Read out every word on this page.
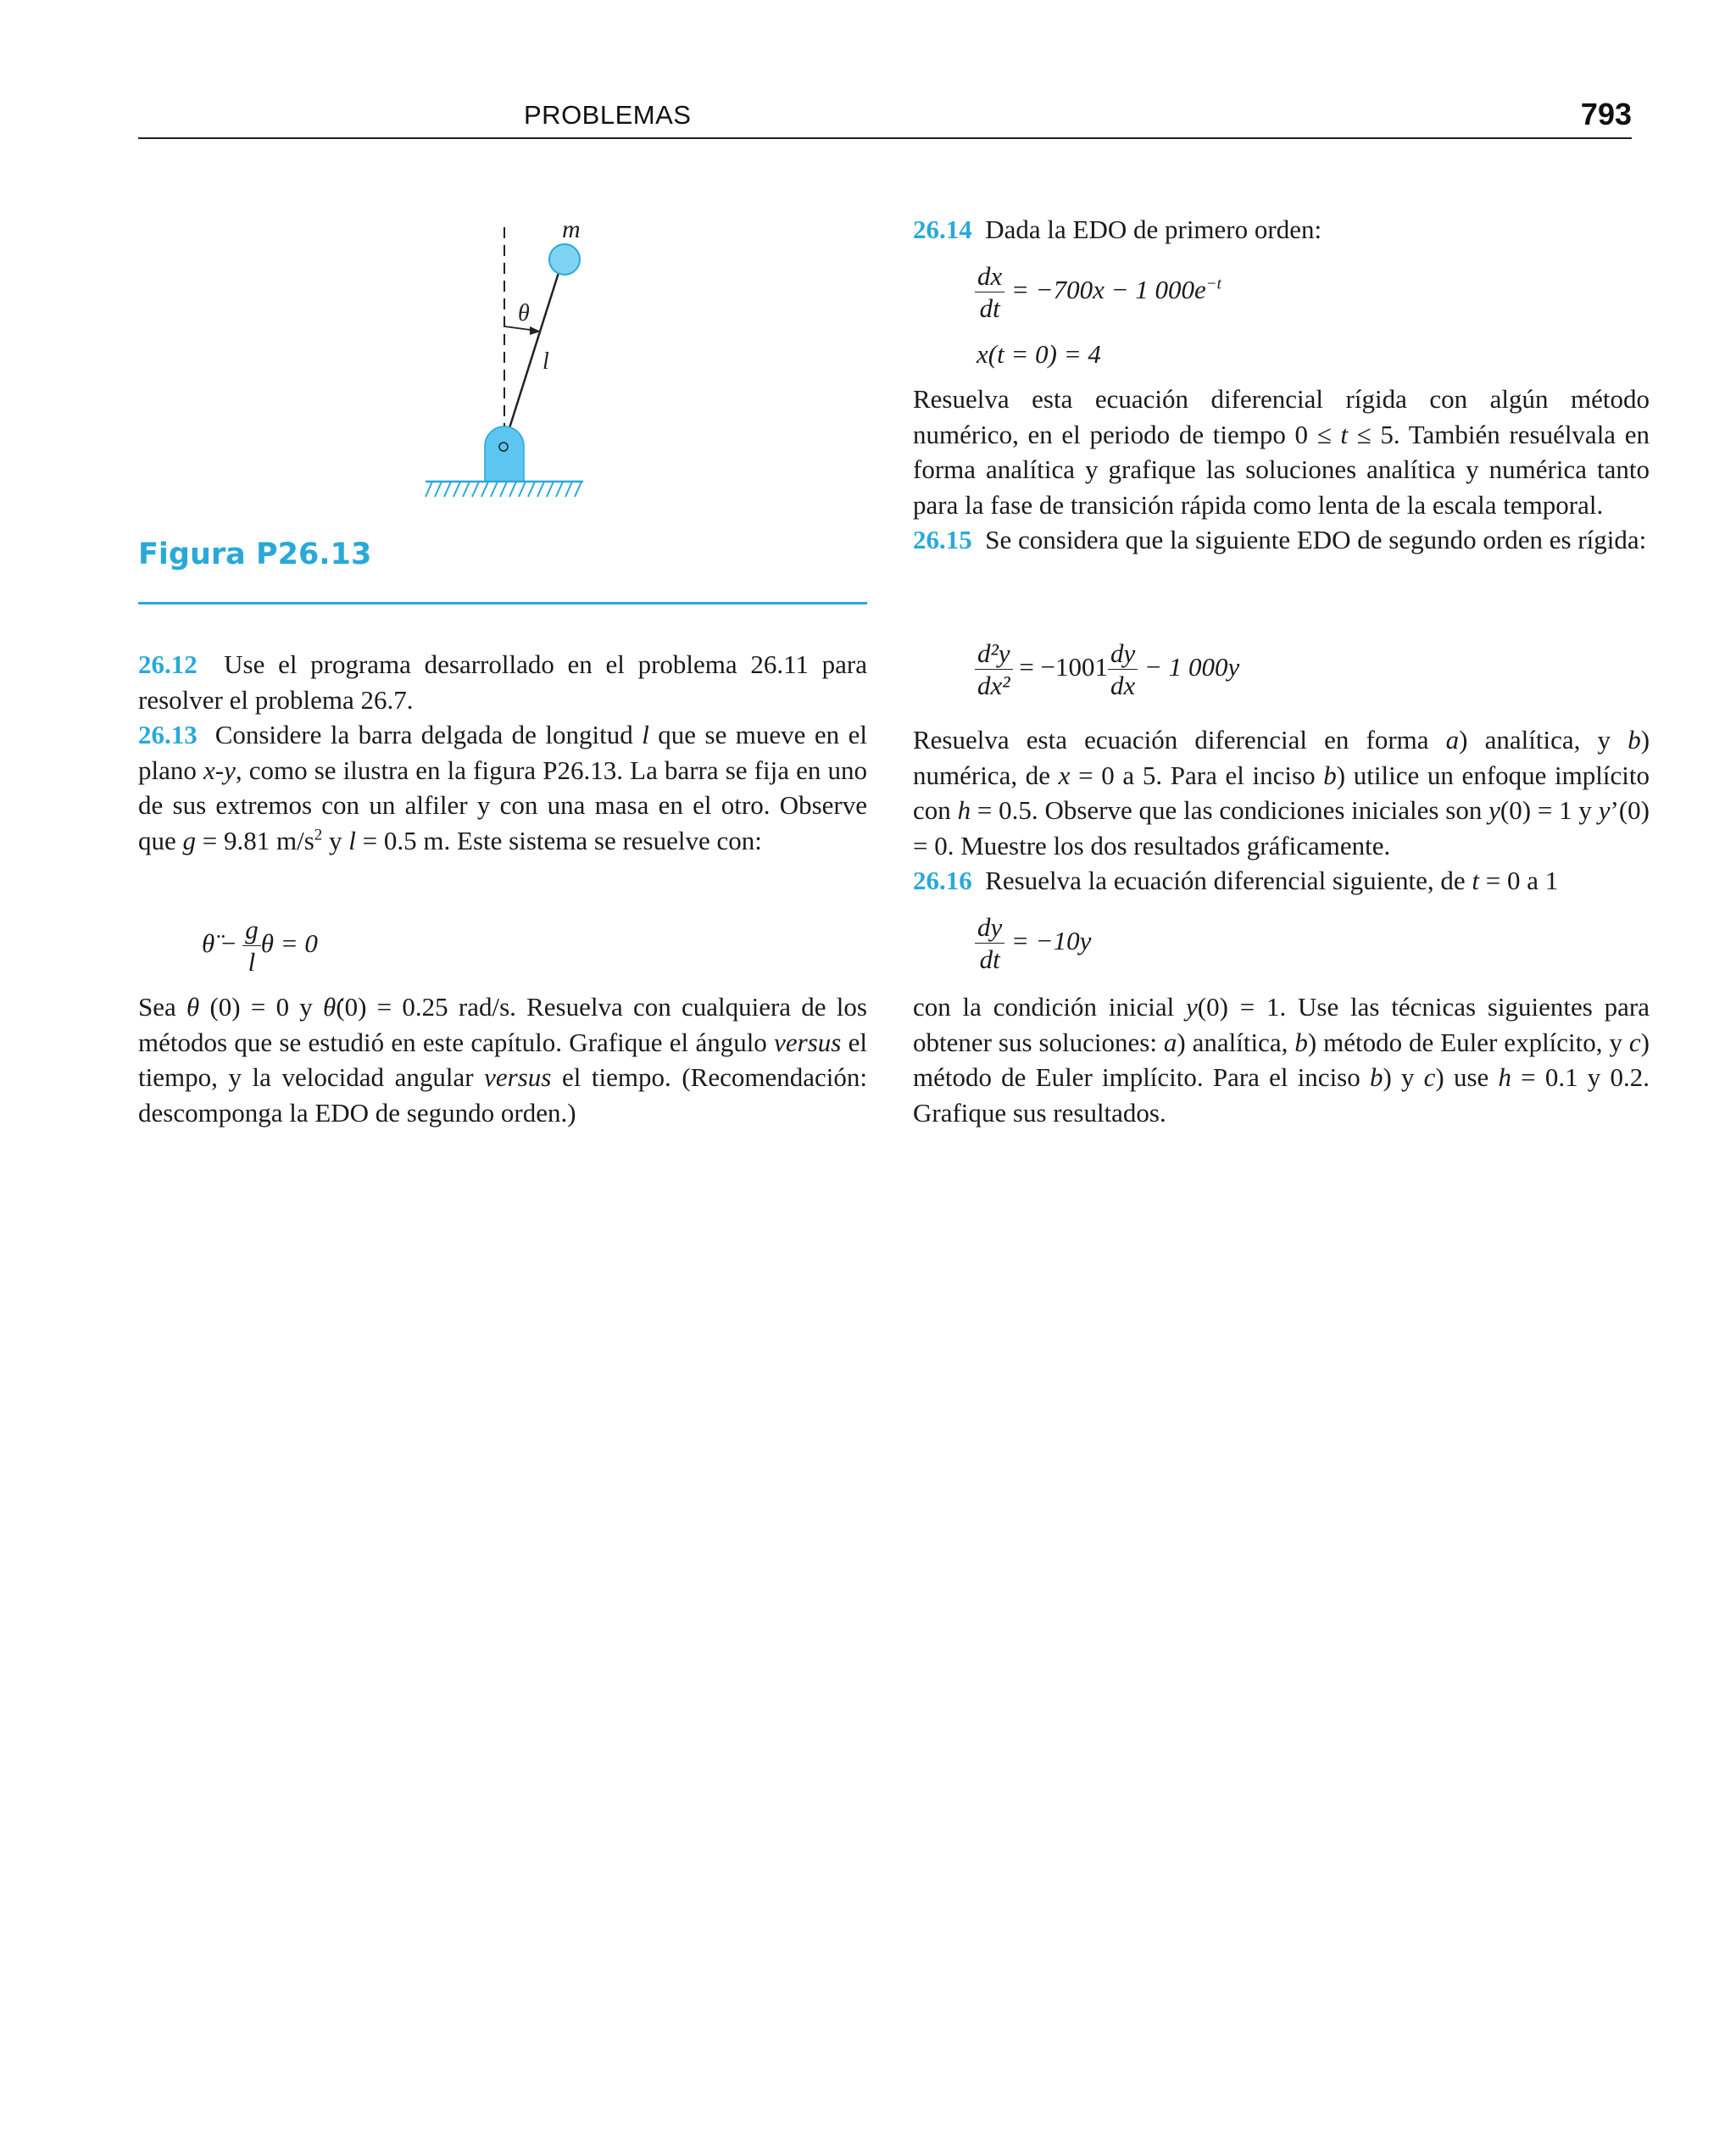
PROBLEMAS	793
m
θ
l
Figura P26.13

26.12 Use el programa desarrollado en el problema 26.11 para resolver el problema 26.7.

26.13 Considere la barra delgada de longitud l que se mueve en el plano x-y, como se ilustra en la figura P26.13. La barra se fija en uno de sus extremos con un alfiler y con una masa en el otro. Observe que g = 9.81 $m/s^2$ y l = 0.5 m. Este sistema se resuelve con:

θ̈ − $\frac{g}{l}$ θ = 0

Sea θ (0) = 0 y θ̇(0) = 0.25 rad/s. Resuelva con cualquiera de los métodos que se estudió en este capítulo. Grafique el ángulo versus el tiempo, y la velocidad angular versus el tiempo. (Recomendación: descomponga la EDO de segundo orden.)

26.14 Dada la EDO de primero orden:

$\frac{dx}{dt} = -700x - 1$ $000e^{-t}$
x(t = 0) = 4

Resuelva esta ecuación diferencial rígida con algún método numérico, en el periodo de tiempo 0 ≤ t ≤ 5. También resuélvala en forma analítica y grafique las soluciones analítica y numérica tanto para la fase de transición rápida como lenta de la escala temporal.

26.15 Se considera que la siguiente EDO de segundo orden es rígida:

$\frac{\text{d²y}}{\text{dx²}} = -1001 \frac{dy}{dx} - 1$ 000y

Resuelva esta ecuación diferencial en forma a) analítica, y b) numérica, de x = 0 a 5. Para el inciso b) utilice un enfoque implícito con h = 0.5. Observe que las condiciones iniciales son y(0) = 1 y y’(0) = 0. Muestre los dos resultados gráficamente.

26.16 Resuelva la ecuación diferencial siguiente, de t = 0 a 1

$\frac{dy}{dt} = -10y$

con la condición inicial y(0) = 1. Use las técnicas siguientes para obtener sus soluciones: a) analítica, b) método de Euler explícito, y c) método de Euler implícito. Para el inciso b) y c) use h = 0.1 y 0.2. Grafique sus resultados.
